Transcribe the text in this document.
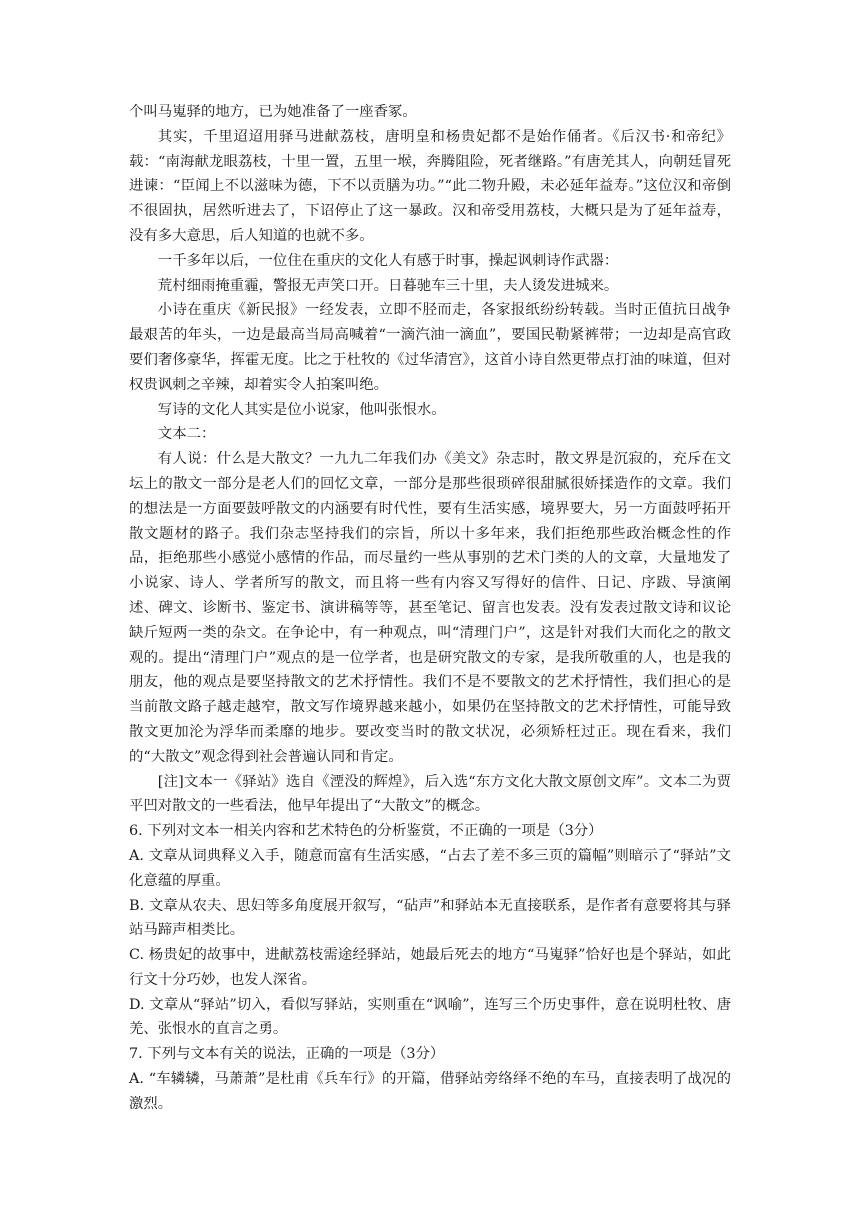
个叫马嵬驿的地方，已为她准备了一座香冢。

其实，千里迢迢用驿马进献荔枝，唐明皇和杨贵妃都不是始作俑者。《后汉书·和帝纪》载：“南海献龙眼荔枝，十里一置，五里一堠，奔腾阻险，死者继路。”有唐羌其人，向朝廷冒死进谏：“臣闻上不以滋味为德，下不以贡膳为功。”“此二物升殿，未必延年益寿。”这位汉和帝倒不很固执，居然听进去了，下诏停止了这一暴政。汉和帝受用荔枝，大概只是为了延年益寿，没有多大意思，后人知道的也就不多。

一千多年以后，一位住在重庆的文化人有感于时事，操起讽刺诗作武器：

荒村细雨掩重霾，警报无声笑口开。日暮驰车三十里，夫人烫发进城来。

小诗在重庆《新民报》一经发表，立即不胫而走，各家报纸纷纷转载。当时正值抗日战争最艰苦的年头，一边是最高当局高喊着“一滴汽油一滴血”，要国民勒紧裤带；一边却是高官政要们奢侈豪华，挥霍无度。比之于杜牧的《过华清宫》，这首小诗自然更带点打油的味道，但对权贵讽刺之辛辣，却着实令人拍案叫绝。

写诗的文化人其实是位小说家，他叫张恨水。

文本二：

有人说：什么是大散文？一九九二年我们办《美文》杂志时，散文界是沉寂的，充斥在文坛上的散文一部分是老人们的回忆文章，一部分是那些很琐碎很甜腻很娇揉造作的文章。我们的想法是一方面要鼓呼散文的内涵要有时代性，要有生活实感，境界要大，另一方面鼓呼拓开散文题材的路子。我们杂志坚持我们的宗旨，所以十多年来，我们拒绝那些政治概念性的作品，拒绝那些小感觉小感情的作品，而尽量约一些从事别的艺术门类的人的文章，大量地发了小说家、诗人、学者所写的散文，而且将一些有内容又写得好的信件、日记、序跋、导演阐述、碑文、诊断书、鉴定书、演讲稿等等，甚至笔记、留言也发表。没有发表过散文诗和议论缺斤短两一类的杂文。在争论中，有一种观点，叫“清理门户”，这是针对我们大而化之的散文观的。提出“清理门户”观点的是一位学者，也是研究散文的专家，是我所敬重的人，也是我的朋友，他的观点是要坚持散文的艺术抒情性。我们不是不要散文的艺术抒情性，我们担心的是当前散文路子越走越窄，散文写作境界越来越小，如果仍在坚持散文的艺术抒情性，可能导致散文更加沦为浮华而柔靡的地步。要改变当时的散文状况，必须矫枉过正。现在看来，我们的“大散文”观念得到社会普遍认同和肯定。

[注]文本一《驿站》选自《湮没的辉煌》，后入选“东方文化大散文原创文库”。文本二为贾平凹对散文的一些看法，他早年提出了“大散文”的概念。

6. 下列对文本一相关内容和艺术特色的分析鉴赏，不正确的一项是（3分）

A. 文章从词典释义入手，随意而富有生活实感，“占去了差不多三页的篇幅”则暗示了“驿站”文化意蕴的厚重。

B. 文章从农夫、思妇等多角度展开叙写，“砧声”和驿站本无直接联系，是作者有意要将其与驿站马蹄声相类比。

C. 杨贵妃的故事中，进献荔枝需途经驿站，她最后死去的地方“马嵬驿”恰好也是个驿站，如此行文十分巧妙，也发人深省。

D. 文章从“驿站”切入，看似写驿站，实则重在“讽喻”，连写三个历史事件，意在说明杜牧、唐羌、张恨水的直言之勇。

7. 下列与文本有关的说法，正确的一项是（3分）

A. “车辚辚，马萧萧”是杜甫《兵车行》的开篇，借驿站旁络绎不绝的车马，直接表明了战况的激烈。
